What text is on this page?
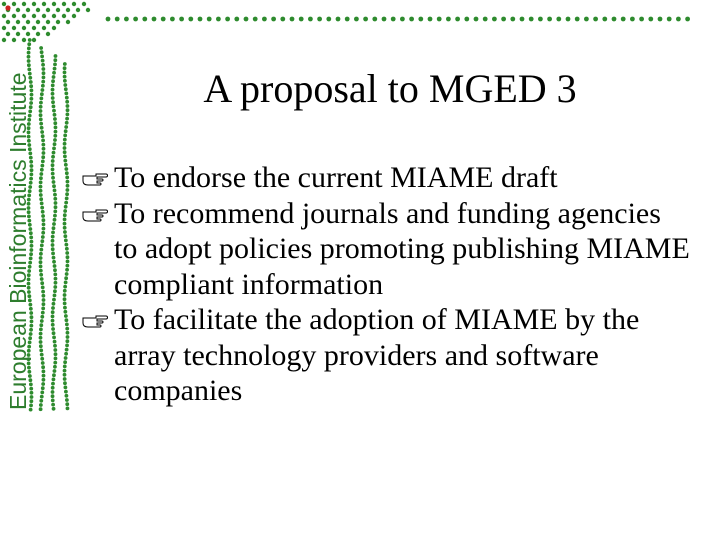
European Bioinformatics Institute	A proposal to MGED 3
To endorse the current MIAME draft
To recommend journals and funding agencies to adopt policies promoting publishing MIAME compliant information
To facilitate the adoption of MIAME by the array technology providers and software companies
